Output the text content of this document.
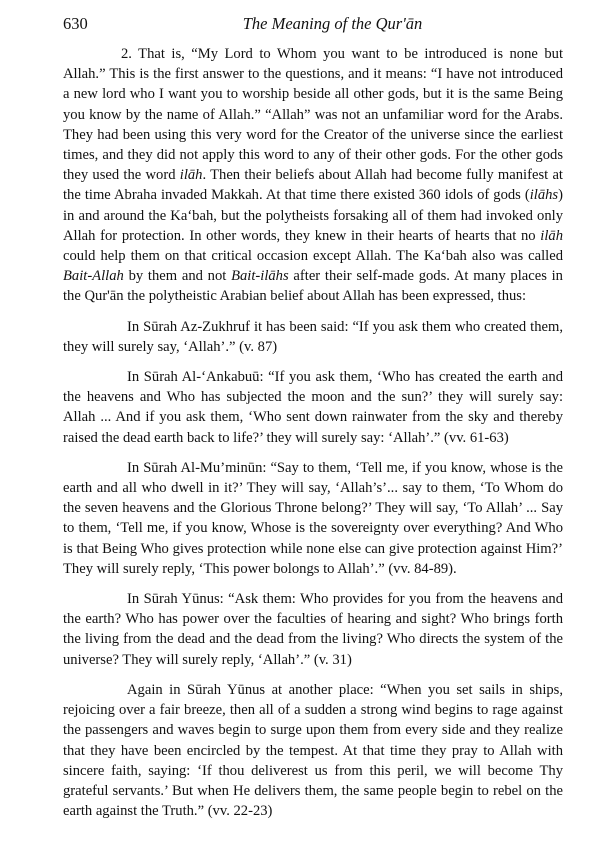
630	The Meaning of the Qur'ān

2. That is, “My Lord to Whom you want to be introduced is none but Allah.” This is the first answer to the questions, and it means: “I have not introduced a new lord who I want you to worship beside all other gods, but it is the same Being you know by the name of Allah.” “Allah” was not an unfamiliar word for the Arabs. They had been using this very word for the Creator of the universe since the earliest times, and they did not apply this word to any of their other gods. For the other gods they used the word ilāh. Then their beliefs about Allah had become fully manifest at the time Abraha invaded Makkah. At that time there existed 360 idols of gods (ilāhs) in and around the Ka‘bah, but the polytheists forsaking all of them had invoked only Allah for protection. In other words, they knew in their hearts of hearts that no ilāh could help them on that critical occasion except Allah. The Ka‘bah also was called Bait-Allah by them and not Bait-ilāhs after their self-made gods. At many places in the Qur'ān the polytheistic Arabian belief about Allah has been expressed, thus:

In Sūrah Az-Zukhruf it has been said: “If you ask them who created them, they will surely say, ‘Allah’.” (v. 87)

In Sūrah Al-‘Ankabuū: “If you ask them, ‘Who has created the earth and the heavens and Who has subjected the moon and the sun?’ they will surely say: Allah ... And if you ask them, ‘Who sent down rainwater from the sky and thereby raised the dead earth back to life?’ they will surely say: ‘Allah’.” (vv. 61-63)

In Sūrah Al-Mu’minūn: “Say to them, ‘Tell me, if you know, whose is the earth and all who dwell in it?’ They will say, ‘Allah’s’... say to them, ‘To Whom do the seven heavens and the Glorious Throne belong?’ They will say, ‘To Allah’ ... Say to them, ‘Tell me, if you know, Whose is the sovereignty over everything? And Who is that Being Who gives protection while none else can give protection against Him?’ They will surely reply, ‘This power bolongs to Allah’.” (vv. 84-89).

In Sūrah Yūnus: “Ask them: Who provides for you from the heavens and the earth? Who has power over the faculties of hearing and sight? Who brings forth the living from the dead and the dead from the living? Who directs the system of the universe? They will surely reply, ‘Allah’.” (v. 31)

Again in Sūrah Yūnus at another place: “When you set sails in ships, rejoicing over a fair breeze, then all of a sudden a strong wind begins to rage against the passengers and waves begin to surge upon them from every side and they realize that they have been encircled by the tempest. At that time they pray to Allah with sincere faith, saying: ‘If thou deliverest us from this peril, we will become Thy grateful servants.’ But when He delivers them, the same people begin to rebel on the earth against the Truth.” (vv. 22-23)
